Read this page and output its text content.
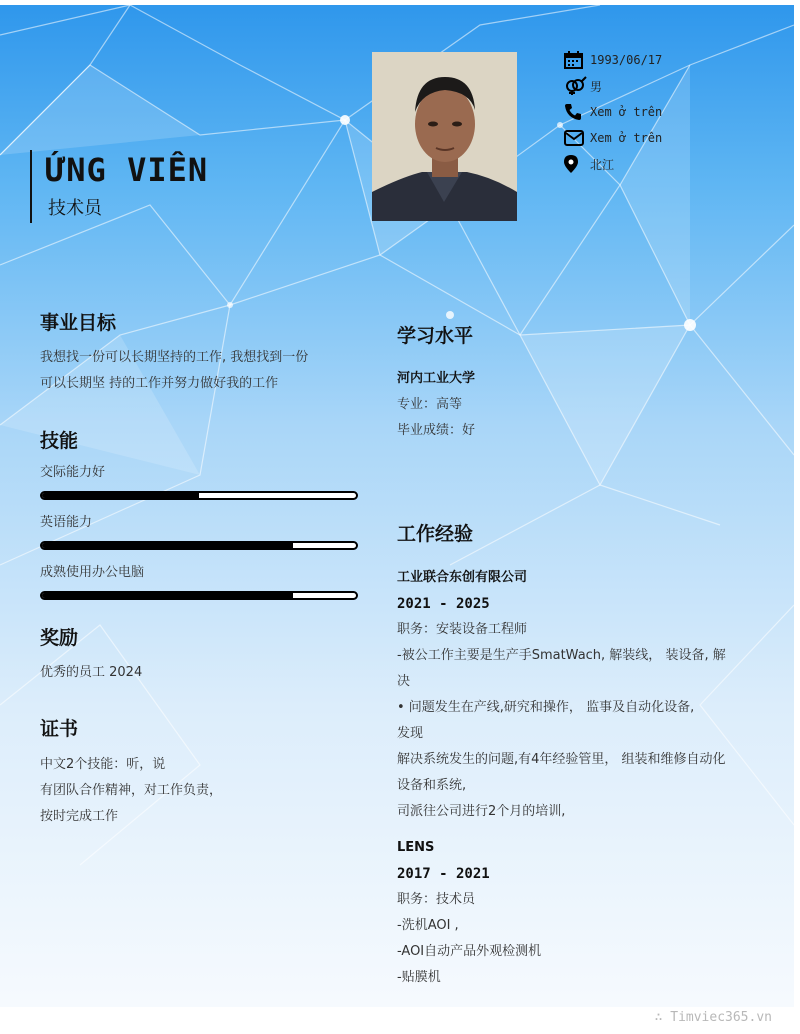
ỨNG VIÊN
技术员
1993/06/17
男
Xem ở trên
Xem ở trên
北江
事业目标
我想找一份可以长期坚持的工作, 我想找到一份
可以长期坚 持的工作并努力做好我的工作
技能
交际能力好
英语能力
成熟使用办公电脑
奖励
优秀的员工 2024
证书
中文2个技能：听，说
有团队合作精神，对工作负责，
按时完成工作
学习水平
河内工业大学
专业：高等
毕业成绩：好
工作经验
工业联合东创有限公司
2021 - 2025
职务：安装设备工程师
-被公工作主要是生产手SmatWach, 解装线， 装设备, 解
决
• 问题发生在产线,研究和操作， 监事及自动化设备,
发现
解决系统发生的问题,有4年经验管里， 组装和维修自动化
设备和系统,
司派往公司进行2个月的培训,
LENS
2017 - 2021
职务：技术员
-洗机AOI ,
-AOI自动产品外观检测机
-贴膜机
∴ Timviec365.vn
